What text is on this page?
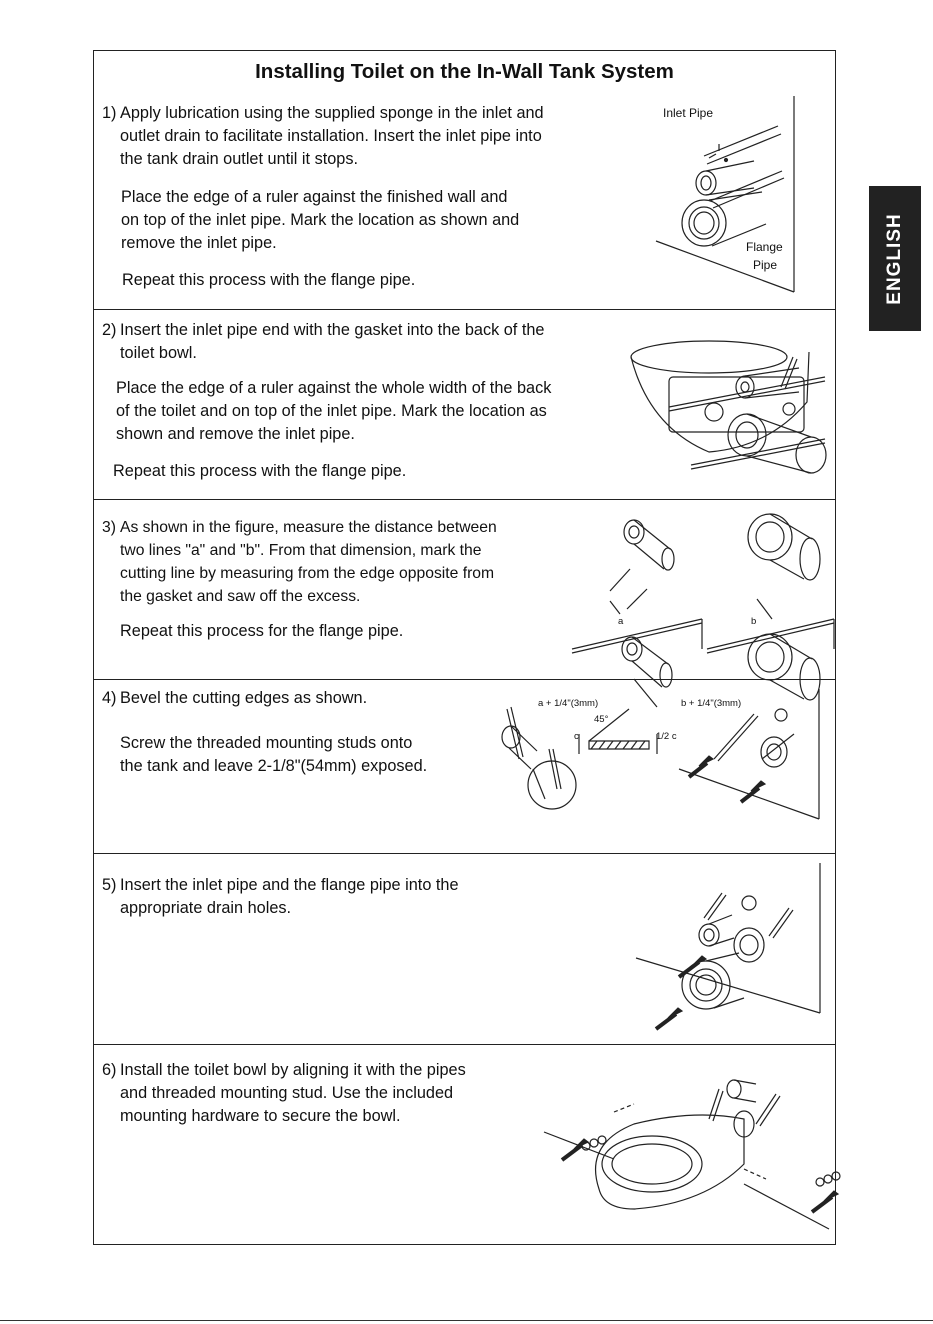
ENGLISH
Installing Toilet on the In-Wall Tank System
1) Apply lubrication using the supplied sponge in the inlet and
outlet drain to facilitate installation. Insert the inlet pipe into
the tank drain outlet until it stops.
Place the edge of a ruler against the finished wall and
on top of the inlet pipe. Mark the location as shown and
remove the inlet pipe.
Repeat this process with the flange pipe.
Inlet Pipe
Flange
Pipe
2) Insert the inlet pipe end with the gasket into the back of the
toilet bowl.
Place the edge of a ruler against the whole width of the back
of the toilet and on top of the inlet pipe. Mark the location as
shown and remove the inlet pipe.
Repeat this process with the flange pipe.
3) As shown in the figure, measure the distance between
two lines "a" and "b". From that dimension, mark the
cutting line by measuring from the edge opposite from
the gasket and saw off the excess.
Repeat this process for the flange pipe.
a	b
a + 1/4"(3mm)	b + 1/4"(3mm)
4) Bevel the cutting edges as shown.
Screw the threaded mounting studs onto
the tank and leave 2-1/8"(54mm) exposed.
45°
c	1/2 c
5) Insert the inlet pipe and the flange pipe into the
appropriate drain holes.
6) Install the toilet bowl by aligning it with the pipes
and threaded mounting stud. Use the included
mounting hardware to secure the bowl.
